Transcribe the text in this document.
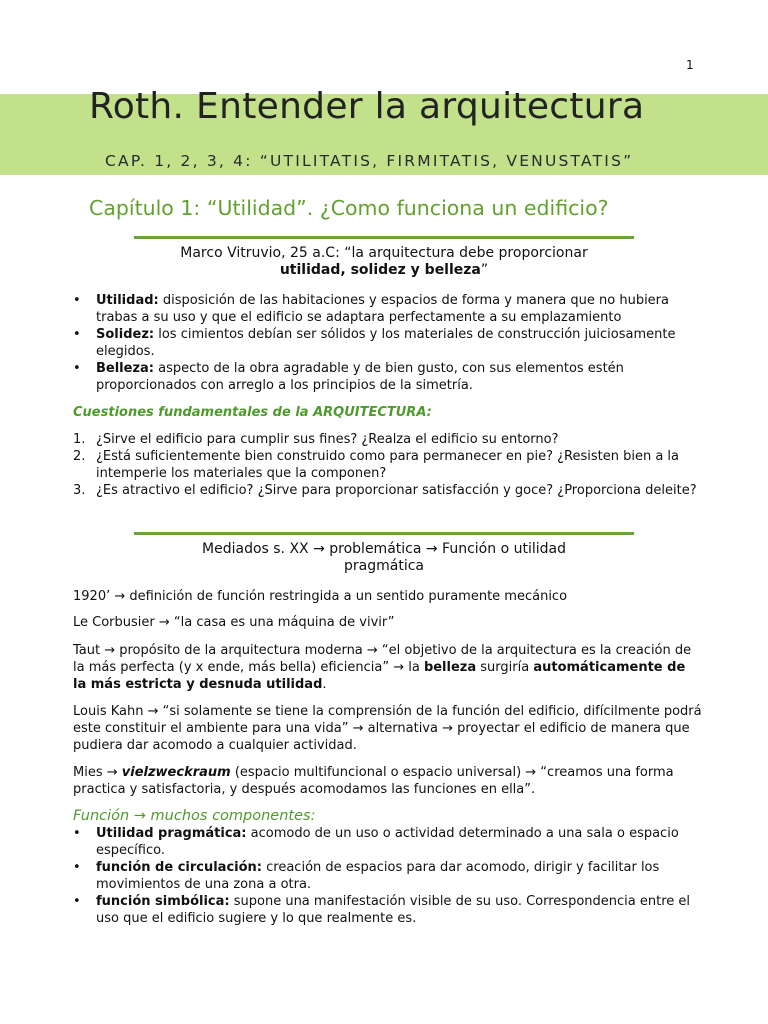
1
Roth. Entender la arquitectura
CAP. 1, 2, 3, 4: “UTILITATIS, FIRMITATIS, VENUSTATIS”
Capítulo 1: “Utilidad”. ¿Como funciona un edificio?
Marco Vitruvio, 25 a.C: “la arquitectura debe proporcionar
utilidad, solidez y belleza”
• Utilidad: disposición de las habitaciones y espacios de forma y manera que no hubiera trabas a su uso y que el edificio se adaptara perfectamente a su emplazamiento
• Solidez: los cimientos debían ser sólidos y los materiales de construcción juiciosamente elegidos.
• Belleza: aspecto de la obra agradable y de bien gusto, con sus elementos estén proporcionados con arreglo a los principios de la simetría.
Cuestiones fundamentales de la ARQUITECTURA:
1. ¿Sirve el edificio para cumplir sus fines? ¿Realza el edificio su entorno?
2. ¿Está suficientemente bien construido como para permanecer en pie? ¿Resisten bien a la intemperie los materiales que la componen?
3. ¿Es atractivo el edificio? ¿Sirve para proporcionar satisfacción y goce? ¿Proporciona deleite?
Mediados s. XX → problemática → Función o utilidad
pragmática

1920’ → definición de función restringida a un sentido puramente mecánico

Le Corbusier → “la casa es una máquina de vivir”

Taut → propósito de la arquitectura moderna → “el objetivo de la arquitectura es la creación de la más perfecta (y x ende, más bella) eficiencia” → la belleza surgiría automáticamente de la más estricta y desnuda utilidad.

Louis Kahn → “si solamente se tiene la comprensión de la función del edificio, difícilmente podrá este constituir el ambiente para una vida” → alternativa → proyectar el edificio de manera que pudiera dar acomodo a cualquier actividad.

Mies → vielzweckraum (espacio multifuncional o espacio universal) → “creamos una forma practica y satisfactoria, y después acomodamos las funciones en ella”.

Función → muchos componentes:
• Utilidad pragmática: acomodo de un uso o actividad determinado a una sala o espacio específico.
• función de circulación: creación de espacios para dar acomodo, dirigir y facilitar los movimientos de una zona a otra.
• función simbólica: supone una manifestación visible de su uso. Correspondencia entre el uso que el edificio sugiere y lo que realmente es.
